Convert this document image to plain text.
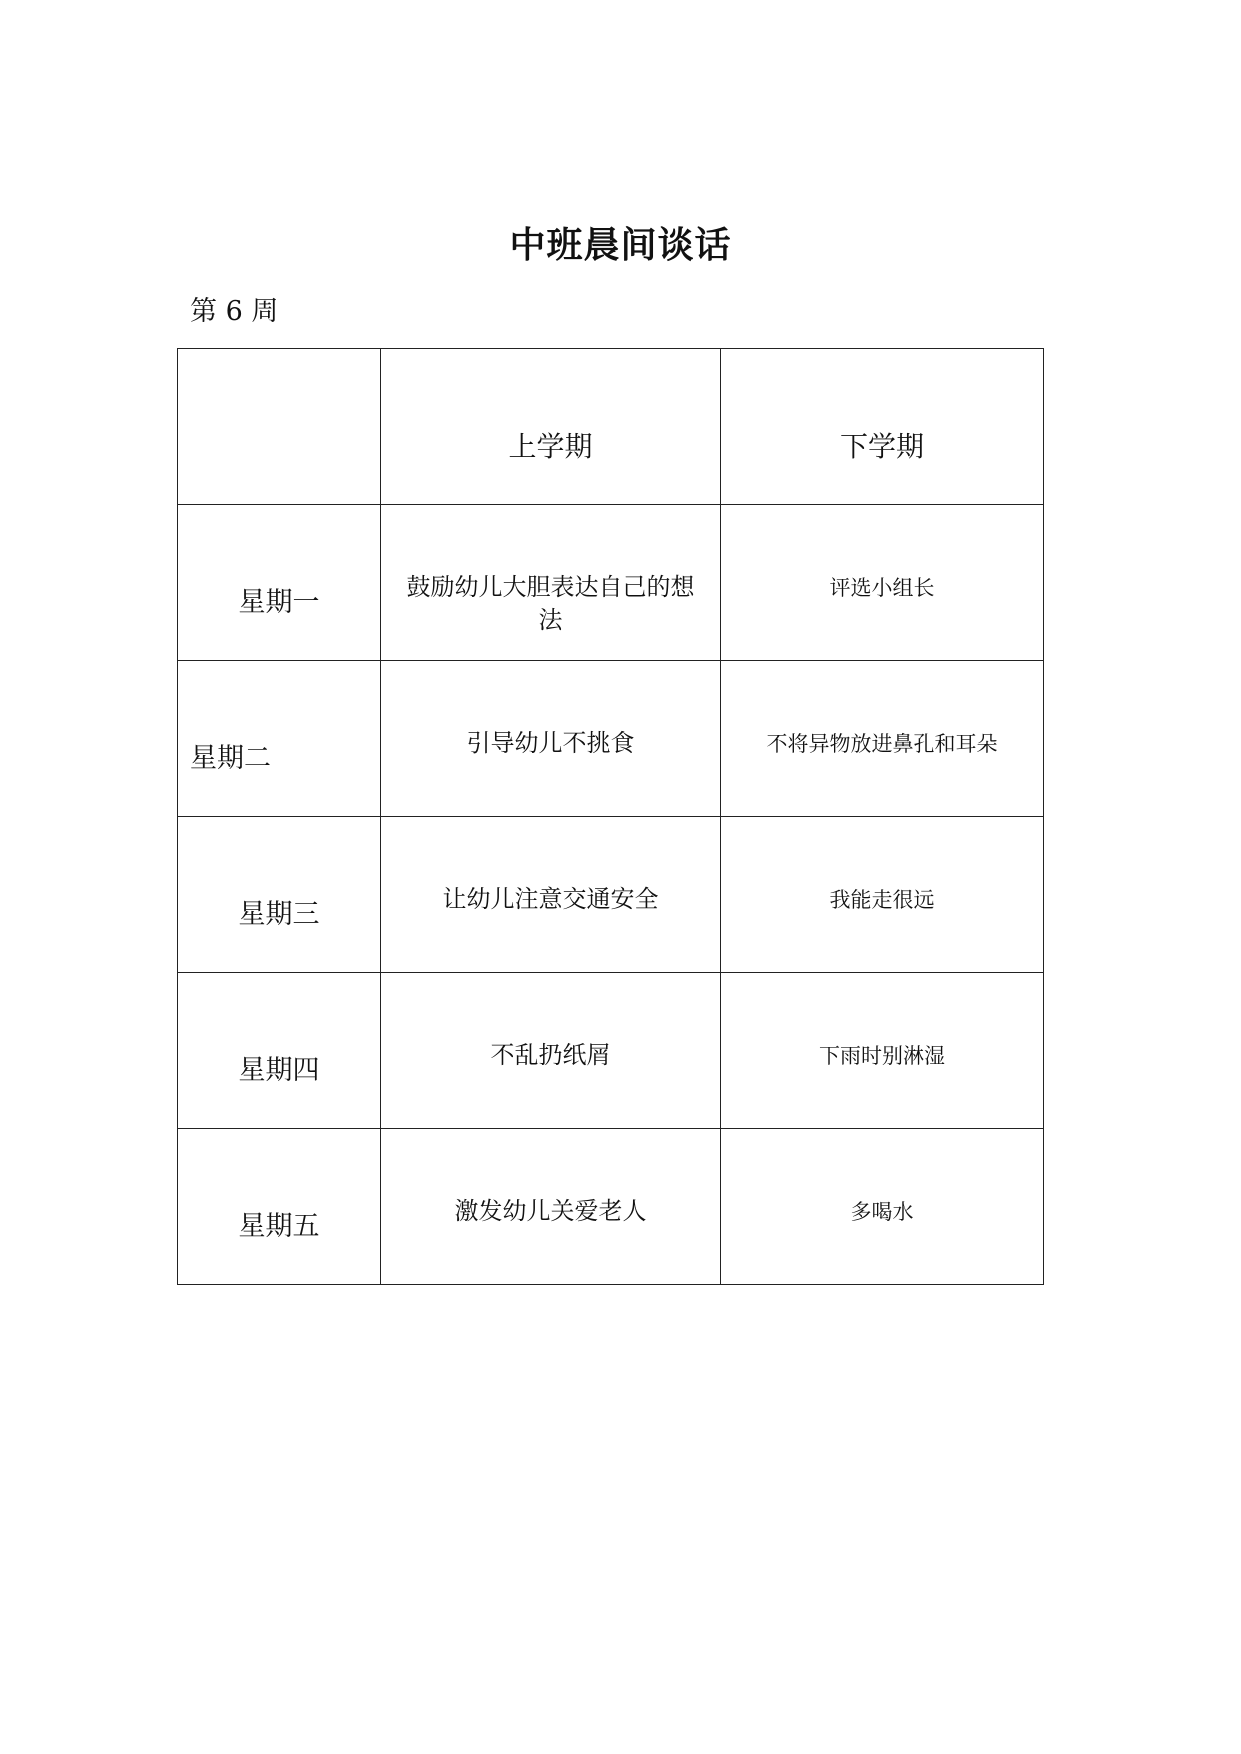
中班晨间谈话
第 6 周

	上学期	下学期

星期一	鼓励幼儿大胆表达自己的想法	评选小组长

星期二	引导幼儿不挑食	不将异物放进鼻孔和耳朵

星期三	让幼儿注意交通安全	我能走很远

星期四	不乱扔纸屑	下雨时别淋湿

星期五	激发幼儿关爱老人	多喝水
